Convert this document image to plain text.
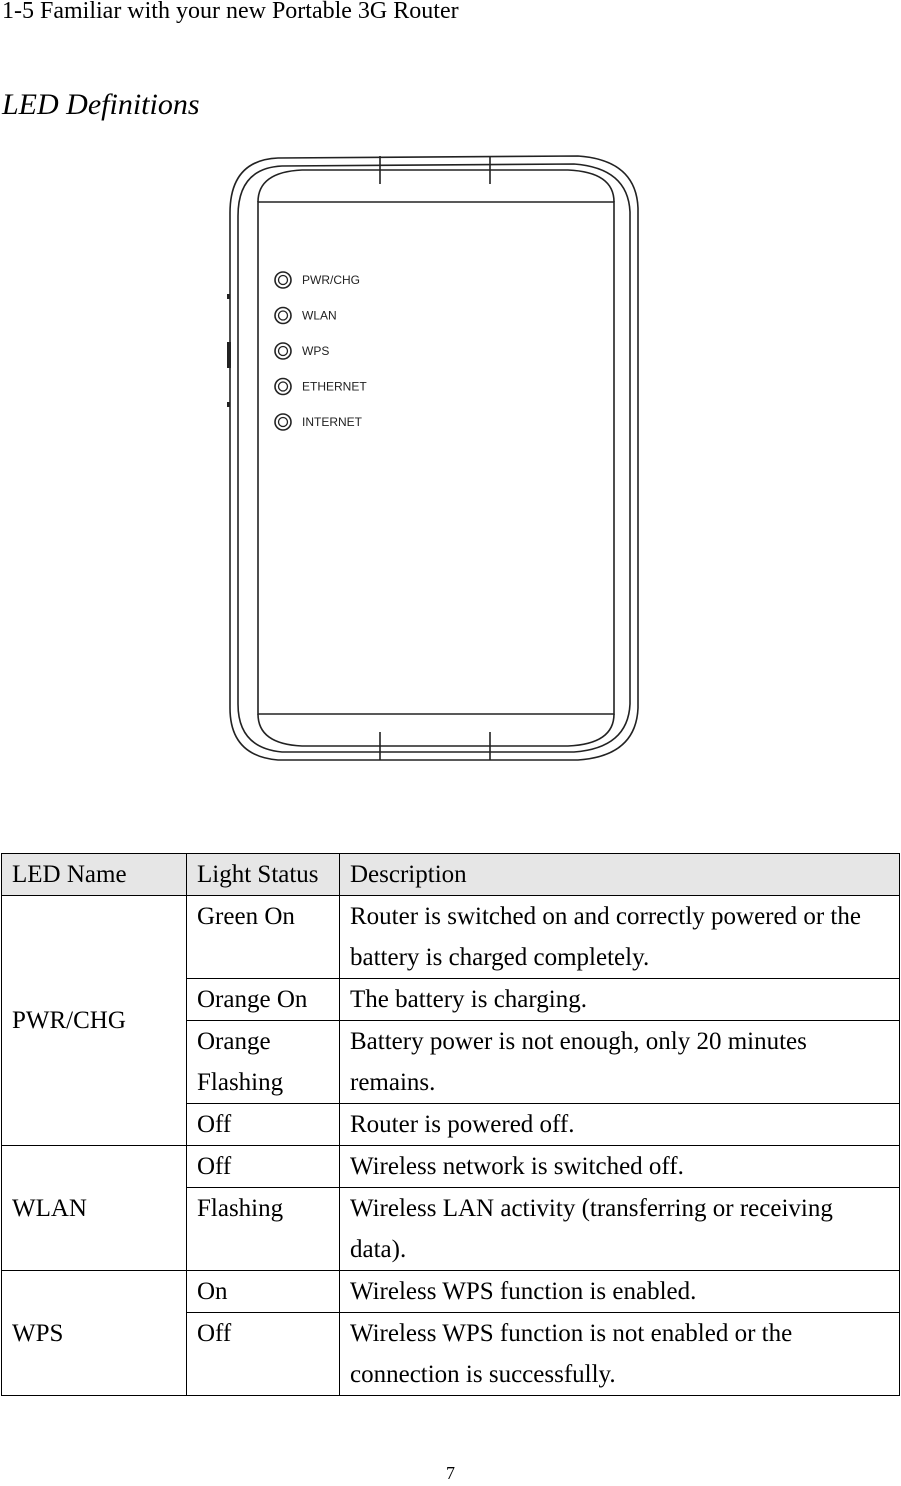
1-5 Familiar with your new Portable 3G Router
LED Definitions
PWR/CHG
WLAN
WPS
ETHERNET
INTERNET
LED Name	Light Status	Description
PWR/CHG	Green On	Router is switched on and correctly powered or the battery is charged completely.
	Orange On	The battery is charging.
	Orange Flashing	Battery power is not enough, only 20 minutes remains.
	Off	Router is powered off.
WLAN	Off	Wireless network is switched off.
	Flashing	Wireless LAN activity (transferring or receiving data).
WPS	On	Wireless WPS function is enabled.
	Off	Wireless WPS function is not enabled or the connection is successfully.
7
